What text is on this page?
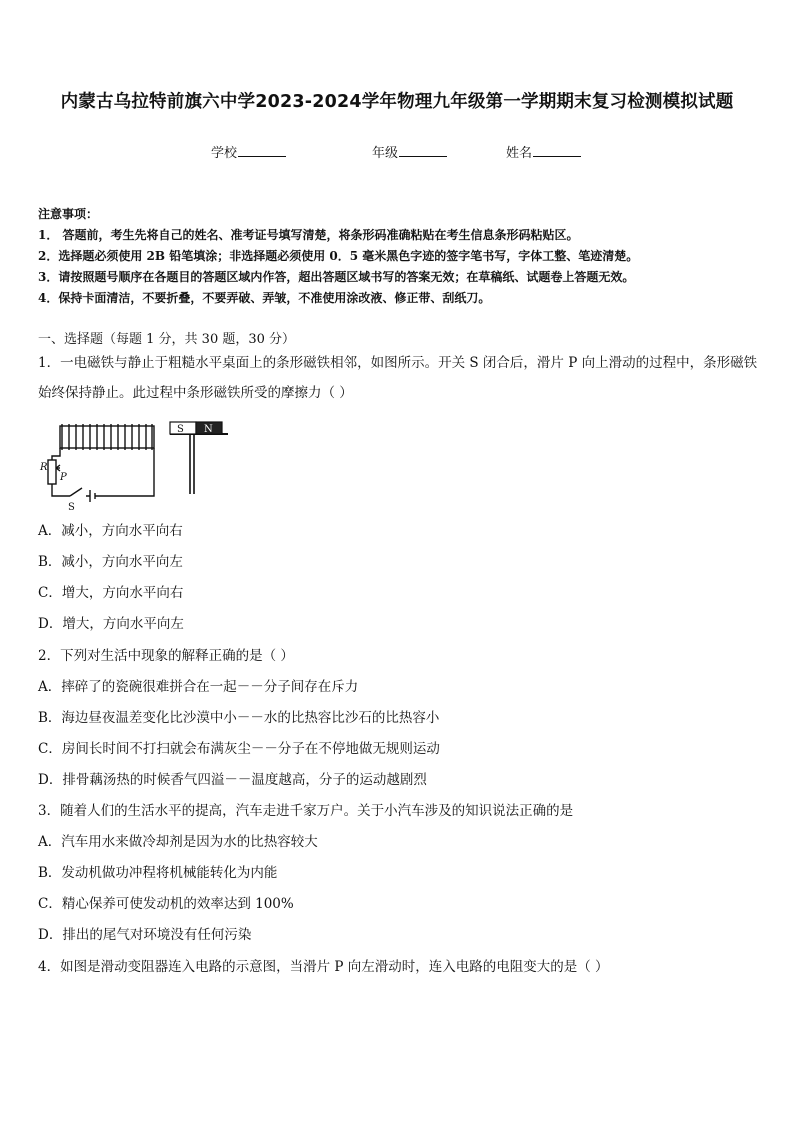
内蒙古乌拉特前旗六中学2023-2024学年物理九年级第一学期期末复习检测模拟试题
学校	年级	姓名
注意事项：
1． 答题前，考生先将自己的姓名、准考证号填写清楚，将条形码准确粘贴在考生信息条形码粘贴区。
2．选择题必须使用 2B 铅笔填涂；非选择题必须使用 0．5 毫米黑色字迹的签字笔书写，字体工整、笔迹清楚。
3．请按照题号顺序在各题目的答题区域内作答，超出答题区域书写的答案无效；在草稿纸、试题卷上答题无效。
4．保持卡面清洁，不要折叠，不要弄破、弄皱，不准使用涂改液、修正带、刮纸刀。
一、选择题（每题 1 分，共 30 题，30 分）
1．一电磁铁与静止于粗糙水平桌面上的条形磁铁相邻，如图所示。开关 S 闭合后，滑片 P 向上滑动的过程中，条形磁铁始终保持静止。此过程中条形磁铁所受的摩擦力（ ）
S N
R
P
S
A．减小，方向水平向右
B．减小，方向水平向左
C．增大，方向水平向右
D．增大，方向水平向左
2．下列对生活中现象的解释正确的是（ ）
A．摔碎了的瓷碗很难拼合在一起－－分子间存在斥力
B．海边昼夜温差变化比沙漠中小－－水的比热容比沙石的比热容小
C．房间长时间不打扫就会布满灰尘－－分子在不停地做无规则运动
D．排骨藕汤热的时候香气四溢－－温度越高，分子的运动越剧烈
3．随着人们的生活水平的提高，汽车走进千家万户。关于小汽车涉及的知识说法正确的是
A．汽车用水来做冷却剂是因为水的比热容较大
B．发动机做功冲程将机械能转化为内能
C．精心保养可使发动机的效率达到 100%
D．排出的尾气对环境没有任何污染
4．如图是滑动变阻器连入电路的示意图，当滑片 P 向左滑动时，连入电路的电阻变大的是（ ）
